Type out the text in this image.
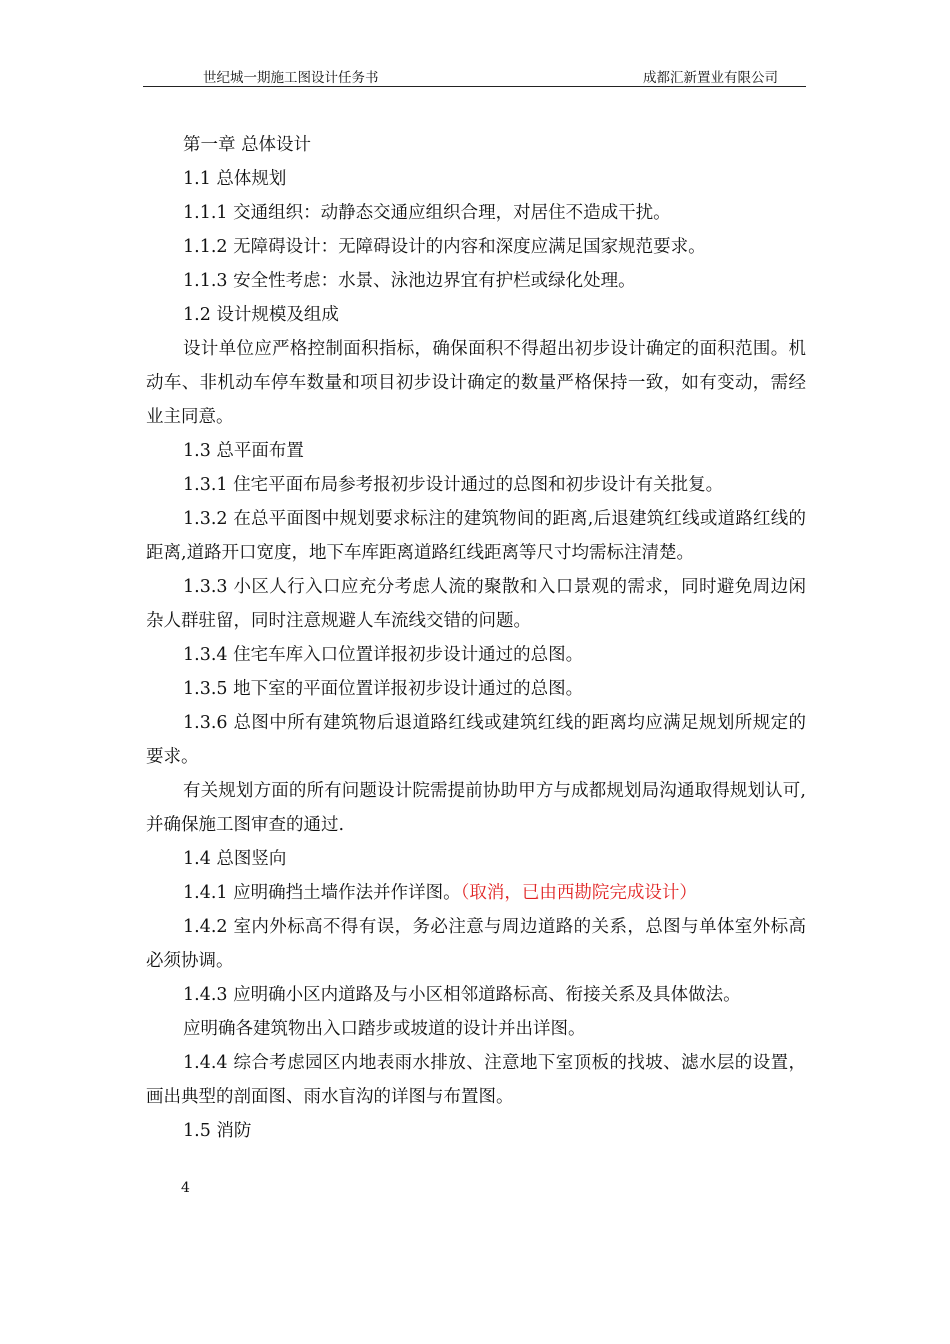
世纪城一期施工图设计任务书	成都汇新置业有限公司

第一章 总体设计

1.1 总体规划

1.1.1 交通组织：动静态交通应组织合理，对居住不造成干扰。

1.1.2 无障碍设计：无障碍设计的内容和深度应满足国家规范要求。

1.1.3 安全性考虑：水景、泳池边界宜有护栏或绿化处理。

1.2 设计规模及组成

设计单位应严格控制面积指标，确保面积不得超出初步设计确定的面积范围。机动车、非机动车停车数量和项目初步设计确定的数量严格保持一致，如有变动，需经业主同意。

1.3 总平面布置

1.3.1 住宅平面布局参考报初步设计通过的总图和初步设计有关批复。

1.3.2 在总平面图中规划要求标注的建筑物间的距离,后退建筑红线或道路红线的距离,道路开口宽度，地下车库距离道路红线距离等尺寸均需标注清楚。

1.3.3 小区人行入口应充分考虑人流的聚散和入口景观的需求，同时避免周边闲杂人群驻留，同时注意规避人车流线交错的问题。

1.3.4 住宅车库入口位置详报初步设计通过的总图。

1.3.5 地下室的平面位置详报初步设计通过的总图。

1.3.6 总图中所有建筑物后退道路红线或建筑红线的距离均应满足规划所规定的要求。

有关规划方面的所有问题设计院需提前协助甲方与成都规划局沟通取得规划认可,并确保施工图审查的通过.

1.4 总图竖向

1.4.1 应明确挡土墙作法并作详图。（取消，已由西勘院完成设计）

1.4.2 室内外标高不得有误，务必注意与周边道路的关系，总图与单体室外标高必须协调。

1.4.3 应明确小区内道路及与小区相邻道路标高、衔接关系及具体做法。

应明确各建筑物出入口踏步或坡道的设计并出详图。

1.4.4 综合考虑园区内地表雨水排放、注意地下室顶板的找坡、滤水层的设置，画出典型的剖面图、雨水盲沟的详图与布置图。

1.5 消防

4
